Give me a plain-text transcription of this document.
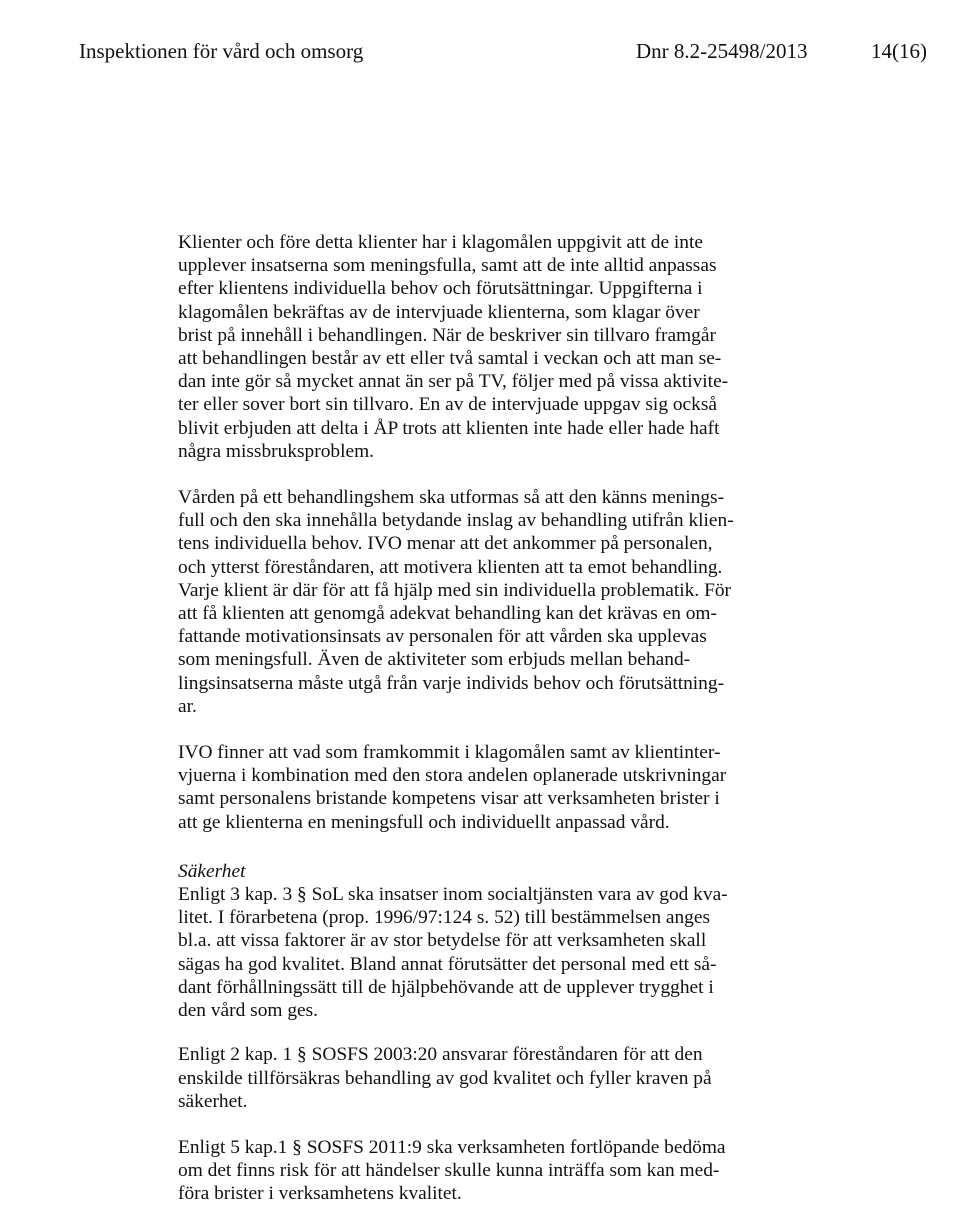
Inspektionen för vård och omsorg	Dnr 8.2-25498/2013	14(16)

Klienter och före detta klienter har i klagomålen uppgivit att de inte
upplever insatserna som meningsfulla, samt att de inte alltid anpassas
efter klientens individuella behov och förutsättningar. Uppgifterna i
klagomålen bekräftas av de intervjuade klienterna, som klagar över
brist på innehåll i behandlingen. När de beskriver sin tillvaro framgår
att behandlingen består av ett eller två samtal i veckan och att man se-
dan inte gör så mycket annat än ser på TV, följer med på vissa aktivite-
ter eller sover bort sin tillvaro. En av de intervjuade uppgav sig också
blivit erbjuden att delta i ÅP trots att klienten inte hade eller hade haft
några missbruksproblem.

Vården på ett behandlingshem ska utformas så att den känns menings-
full och den ska innehålla betydande inslag av behandling utifrån klien-
tens individuella behov. IVO menar att det ankommer på personalen,
och ytterst föreståndaren, att motivera klienten att ta emot behandling.
Varje klient är där för att få hjälp med sin individuella problematik. För
att få klienten att genomgå adekvat behandling kan det krävas en om-
fattande motivationsinsats av personalen för att vården ska upplevas
som meningsfull. Även de aktiviteter som erbjuds mellan behand-
lingsinsatserna måste utgå från varje individs behov och förutsättning-
ar.

IVO finner att vad som framkommit i klagomålen samt av klientinter-
vjuerna i kombination med den stora andelen oplanerade utskrivningar
samt personalens bristande kompetens visar att verksamheten brister i
att ge klienterna en meningsfull och individuellt anpassad vård.

Säkerhet
Enligt 3 kap. 3 § SoL ska insatser inom socialtjänsten vara av god kva-
litet. I förarbetena (prop. 1996/97:124 s. 52) till bestämmelsen anges
bl.a. att vissa faktorer är av stor betydelse för att verksamheten skall
sägas ha god kvalitet. Bland annat förutsätter det personal med ett så-
dant förhållningssätt till de hjälpbehövande att de upplever trygghet i
den vård som ges.

Enligt 2 kap. 1 § SOSFS 2003:20 ansvarar föreståndaren för att den
enskilde tillförsäkras behandling av god kvalitet och fyller kraven på
säkerhet.

Enligt 5 kap.1 § SOSFS 2011:9 ska verksamheten fortlöpande bedöma
om det finns risk för att händelser skulle kunna inträffa som kan med-
föra brister i verksamhetens kvalitet.
